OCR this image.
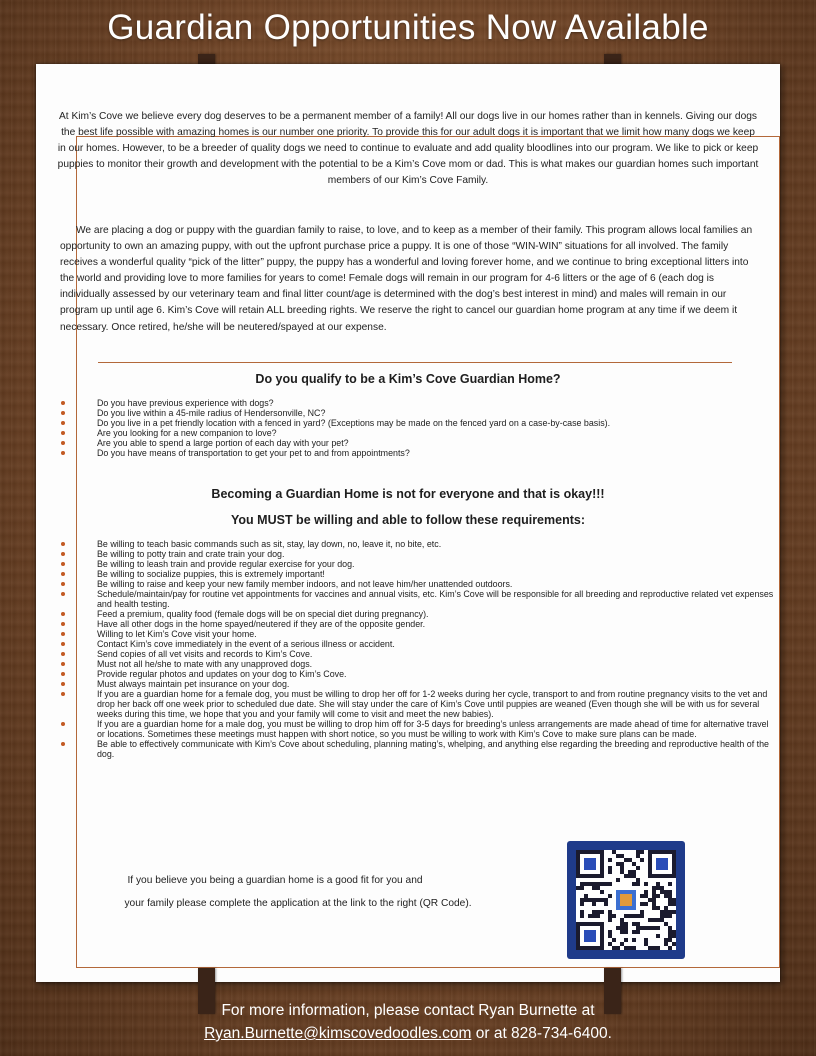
Guardian Opportunities Now Available
At Kim’s Cove we believe every dog deserves to be a permanent member of a family! All our dogs live in our homes rather than in kennels. Giving our dogs the best life possible with amazing homes is our number one priority. To provide this for our adult dogs it is important that we limit how many dogs we keep in our homes. However, to be a breeder of quality dogs we need to continue to evaluate and add quality bloodlines into our program. We like to pick or keep puppies to monitor their growth and development with the potential to be a Kim’s Cove mom or dad. This is what makes our guardian homes such important members of our Kim’s Cove Family.
We are placing a dog or puppy with the guardian family to raise, to love, and to keep as a member of their family. This program allows local families an opportunity to own an amazing puppy, with out the upfront purchase price a puppy. It is one of those “WIN-WIN” situations for all involved. The family receives a wonderful quality “pick of the litter” puppy, the puppy has a wonderful and loving forever home, and we continue to bring exceptional litters into the world and providing love to more families for years to come! Female dogs will remain in our program for 4-6 litters or the age of 6 (each dog is individually assessed by our veterinary team and final litter count/age is determined with the dog’s best interest in mind) and males will remain in our program up until age 6. Kim’s Cove will retain ALL breeding rights. We reserve the right to cancel our guardian home program at any time if we deem it necessary. Once retired, he/she will be neutered/spayed at our expense.
Do you qualify to be a Kim’s Cove Guardian Home?
Do you have previous experience with dogs?
Do you live within a 45-mile radius of Hendersonville, NC?
Do you live in a pet friendly location with a fenced in yard? (Exceptions may be made on the fenced yard on a case-by-case basis).
Are you looking for a new companion to love?
Are you able to spend a large portion of each day with your pet?
Do you have means of transportation to get your pet to and from appointments?
Becoming a Guardian Home is not for everyone and that is okay!!!
You MUST be willing and able to follow these requirements:
Be willing to teach basic commands such as sit, stay, lay down, no, leave it, no bite, etc.
Be willing to potty train and crate train your dog.
Be willing to leash train and provide regular exercise for your dog.
Be willing to socialize puppies, this is extremely important!
Be willing to raise and keep your new family member indoors, and not leave him/her unattended outdoors.
Schedule/maintain/pay for routine vet appointments for vaccines and annual visits, etc. Kim’s Cove will be responsible for all breeding and reproductive related vet expenses and health testing.
Feed a premium, quality food (female dogs will be on special diet during pregnancy).
Have all other dogs in the home spayed/neutered if they are of the opposite gender.
Willing to let Kim’s Cove visit your home.
Contact Kim’s cove immediately in the event of a serious illness or accident.
Send copies of all vet visits and records to Kim’s Cove.
Must not all he/she to mate with any unapproved dogs.
Provide regular photos and updates on your dog to Kim’s Cove.
Must always maintain pet insurance on your dog.
If you are a guardian home for a female dog, you must be willing to drop her off for 1-2 weeks during her cycle, transport to and from routine pregnancy visits to the vet and drop her back off one week prior to scheduled due date. She will stay under the care of Kim’s Cove until puppies are weaned (Even though she will be with us for several weeks during this time, we hope that you and your family will come to visit and meet the new babies).
If you are a guardian home for a male dog, you must be willing to drop him off for 3-5 days for breeding’s unless arrangements are made ahead of time for alternative travel or locations. Sometimes these meetings must happen with short notice, so you must be willing to work with Kim’s Cove to make sure plans can be made.
Be able to effectively communicate with Kim’s Cove about scheduling, planning mating’s, whelping, and anything else regarding the breeding and reproductive health of the dog.
If you believe you being a guardian home is a good fit for you and
your family please complete the application at the link to the right (QR Code).
For more information, please contact Ryan Burnette at
Ryan.Burnette@kimscovedoodles.com or at 828-734-6400.
